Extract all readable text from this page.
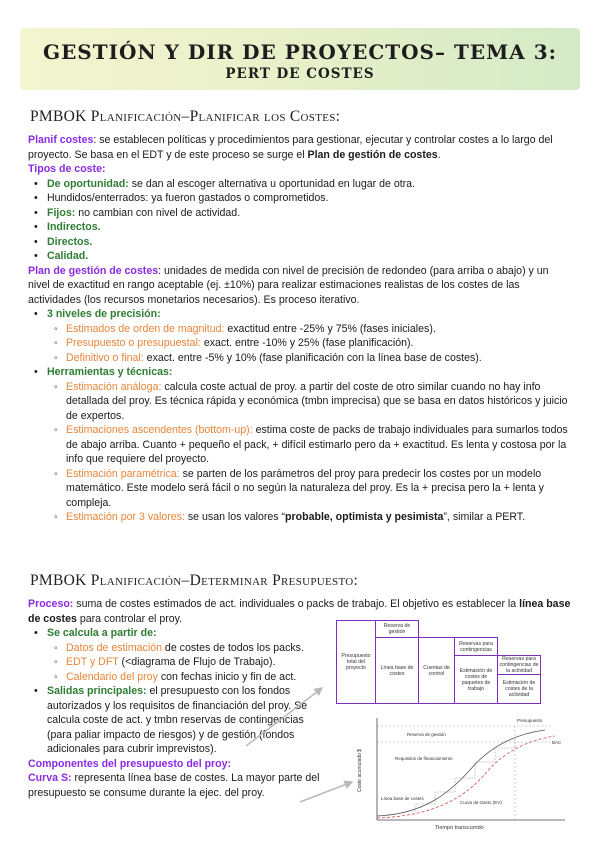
GESTIÓN Y DIR DE PROYECTOS– TEMA 3:
PERT DE COSTES
PMBOK Planificación–Planificar los Costes:

Planif costes: se establecen políticas y procedimientos para gestionar, ejecutar y controlar costes a lo largo del proyecto. Se basa en el EDT y de este proceso se surge el Plan de gestión de costes.

Tipos de coste:

• De oportunidad: se dan al escoger alternativa u oportunidad en lugar de otra.
• Hundidos/enterrados: ya fueron gastados o comprometidos.
• Fijos: no cambian con nivel de actividad.
• Indirectos.
• Directos.
• Calidad.

Plan de gestión de costes: unidades de medida con nivel de precisión de redondeo (para arriba o abajo) y un nivel de exactitud en rango aceptable (ej. ±10%) para realizar estimaciones realistas de los costes de las actividades (los recursos monetarios necesarios). Es proceso iterativo.

• 3 niveles de precisión:
◦ Estimados de orden de magnitud: exactitud entre -25% y 75% (fases iniciales).
◦ Presupuesto o presupuestal: exact. entre -10% y 25% (fase planificación).
◦ Definitivo o final: exact. entre -5% y 10% (fase planificación con la línea base de costes).
• Herramientas y técnicas:
◦ Estimación análoga: calcula coste actual de proy. a partir del coste de otro similar cuando no hay info detallada del proy. Es técnica rápida y económica (tmbn imprecisa) que se basa en datos históricos y juicio de expertos.
◦ Estimaciones ascendentes (bottom-up): estima coste de packs de trabajo individuales para sumarlos todos de abajo arriba. Cuanto + pequeño el pack, + difícil estimarlo pero da + exactitud. Es lenta y costosa por la info que requiere del proyecto.
◦ Estimación paramétrica: se parten de los parámetros del proy para predecir los costes por un modelo matemático. Este modelo será fácil o no según la naturaleza del proy. Es la + precisa pero la + lenta y compleja.
◦ Estimación por 3 valores: se usan los valores “probable, optimista y pesimista”, similar a PERT.
PMBOK Planificación–Determinar Presupuesto:

Proceso: suma de costes estimados de act. individuales o packs de trabajo. El objetivo es establecer la línea base de costes para controlar el proy.

• Se calcula a partir de:
◦ Datos de estimación de costes de todos los packs.
◦ EDT y DFT (<diagrama de Flujo de Trabajo).
◦ Calendario del proy con fechas inicio y fin de act.
• Salidas principales: el presupuesto con los fondos autorizados y los requisitos de financiación del proy. Se calcula coste de act. y tmbn reservas de contingencias (para paliar impacto de riesgos) y de gestión (fondos adicionales para cubrir imprevistos).

Componentes del presupuesto del proy:

Curva S: representa línea base de costes. La mayor parte del presupuesto se consume durante la ejec. del proy.

Presupuesto total del proyecto
Reserva de gestión
Línea base de costes
Cuentas de control
Reservas para contingencias
Estimación de costes de paquetes de trabajo
Reservas para contingencias de la actividad
Estimación de costes de la actividad
Coste acumulado $
Tiempo transcurrido
Presupuesto
Reserva de gestión
Requisitos de financiamiento
Línea base de costes
Curva de Gasto (EV)
BAC
